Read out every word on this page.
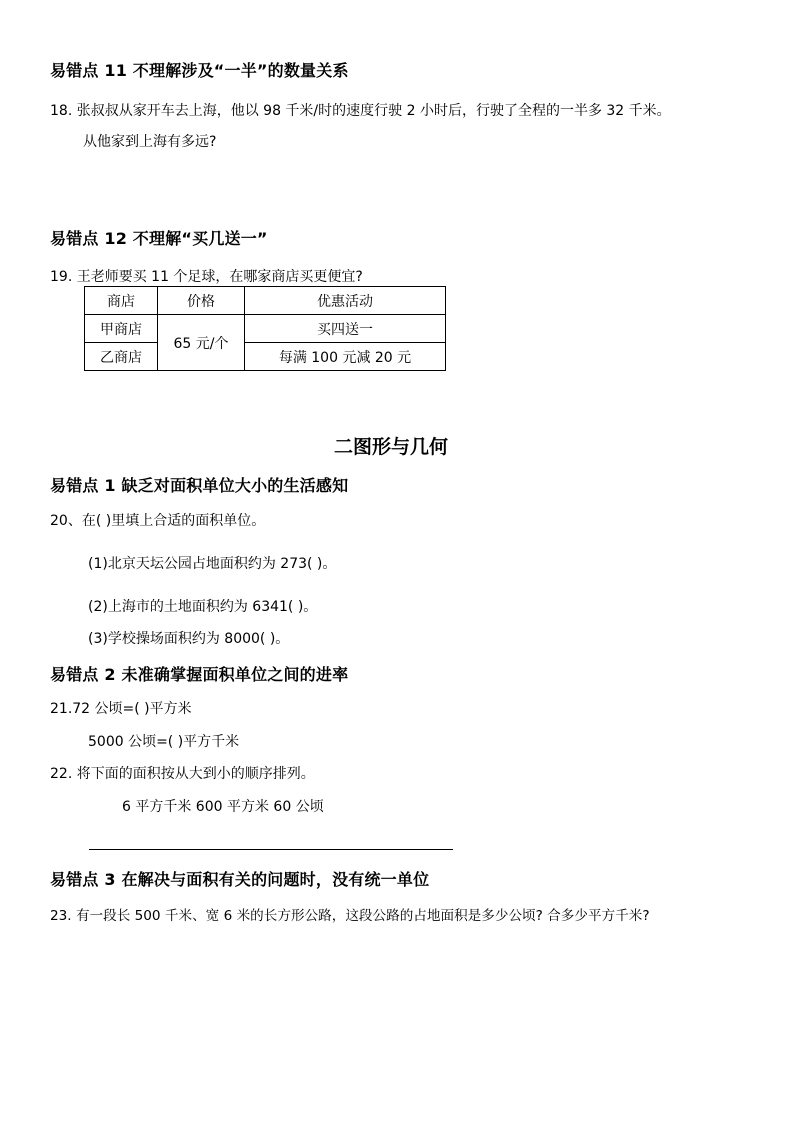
易错点 11 不理解涉及“一半”的数量关系
18. 张叔叔从家开车去上海，他以 98 千米/时的速度行驶 2 小时后，行驶了全程的一半多 32 千米。
从他家到上海有多远?
易错点 12 不理解“买几送一”
19. 王老师要买 11 个足球，在哪家商店买更便宜?
商店	价格	优惠活动
甲商店	65 元/个	买四送一
乙商店		每满 100 元减 20 元
二图形与几何
易错点 1 缺乏对面积单位大小的生活感知
20、在( )里填上合适的面积单位。
(1)北京天坛公园占地面积约为 273( )。
(2)上海市的土地面积约为 6341( )。
(3)学校操场面积约为 8000( )。
易错点 2 未准确掌握面积单位之间的进率
21.72 公顷=( )平方米
5000 公顷=( )平方千米
22. 将下面的面积按从大到小的顺序排列。
6 平方千米 600 平方米 60 公顷
易错点 3 在解决与面积有关的问题时，没有统一单位
23. 有一段长 500 千米、宽 6 米的长方形公路，这段公路的占地面积是多少公顷? 合多少平方千米?
